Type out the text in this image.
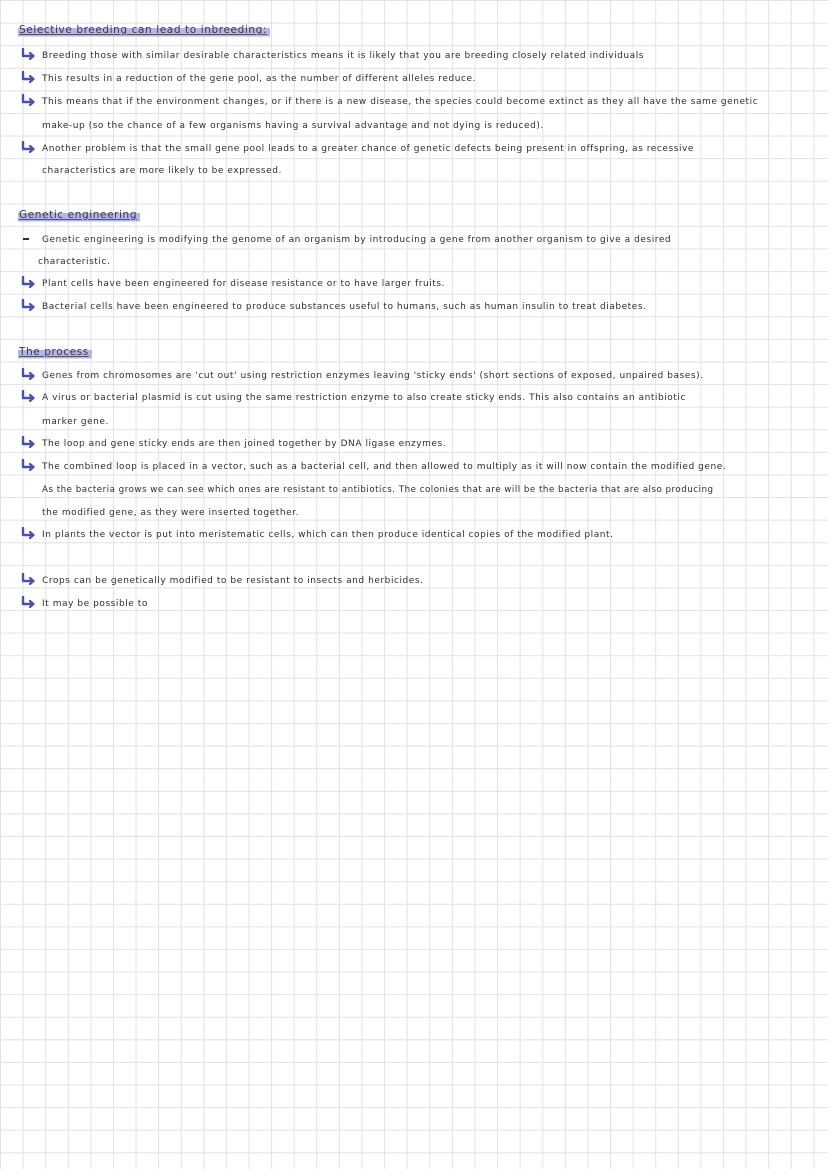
Selective breeding can lead to inbreeding:
Breeding those with similar desirable characteristics means it is likely that you are breeding closely related individuals
This results in a reduction of the gene pool, as the number of different alleles reduce.
This means that if the environment changes, or if there is a new disease, the species could become extinct as they all have the same genetic
make-up (so the chance of a few organisms having a survival advantage and not dying is reduced).
Another problem is that the small gene pool leads to a greater chance of genetic defects being present in offspring, as recessive
characteristics are more likely to be expressed.
Genetic engineering
Genetic engineering is modifying the genome of an organism by introducing a gene from another organism to give a desired
characteristic.
Plant cells have been engineered for disease resistance or to have larger fruits.
Bacterial cells have been engineered to produce substances useful to humans, such as human insulin to treat diabetes.
The process
Genes from chromosomes are 'cut out' using restriction enzymes leaving 'sticky ends' (short sections of exposed, unpaired bases).
A virus or bacterial plasmid is cut using the same restriction enzyme to also create sticky ends. This also contains an antibiotic
marker gene.
The loop and gene sticky ends are then joined together by DNA ligase enzymes.
The combined loop is placed in a vector, such as a bacterial cell, and then allowed to multiply as it will now contain the modified gene.
As the bacteria grows we can see which ones are resistant to antibiotics. The colonies that are will be the bacteria that are also producing
the modified gene, as they were inserted together.
In plants the vector is put into meristematic cells, which can then produce identical copies of the modified plant.
Crops can be genetically modified to be resistant to insects and herbicides.
It may be possible to
